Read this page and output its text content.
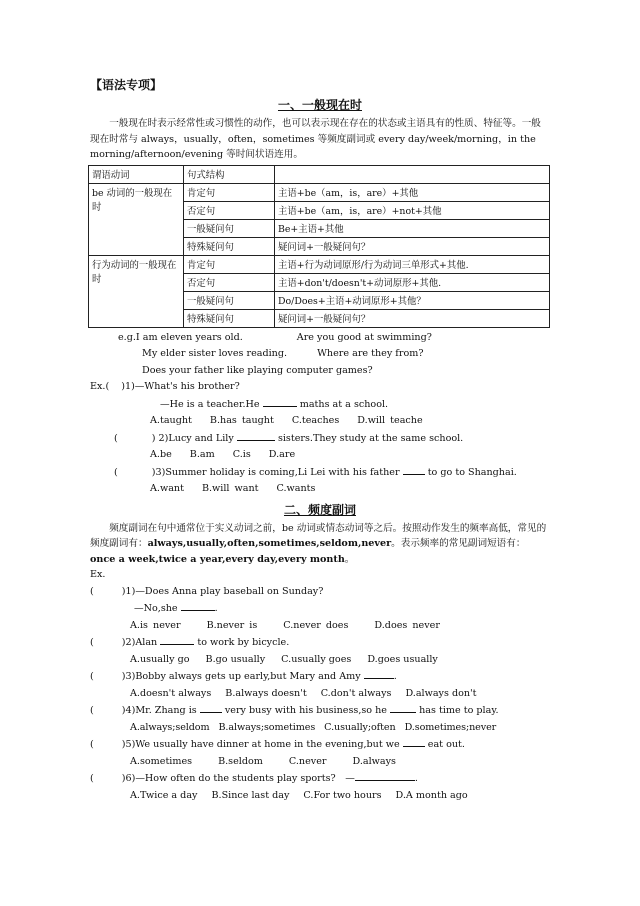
【语法专项】
一、一般现在时

一般现在时表示经常性或习惯性的动作，也可以表示现在存在的状态或主语具有的性质、特征等。一般现在时常与 always，usually，often，sometimes 等频度副词或 every day/week/morning，in the morning/afternoon/evening 等时间状语连用。

谓语动词	句式结构	
be 动词的一般现在时	肯定句	主语+be（am，is，are）+其他
	否定句	主语+be（am，is，are）+not+其他
	一般疑问句	Be+主语+其他
	特殊疑问句	疑问词+一般疑问句？
行为动词的一般现在时	肯定句	主语+行为动词原形/行为动词三单形式+其他.
	否定句	主语+don't/doesn't+动词原形+其他.
	一般疑问句	Do/Does+主语+动词原形+其他？
	特殊疑问句	疑问词+一般疑问句？
e.g.I am eleven years old.	Are you good at swimming?
My elder sister loves reading.	Where are they from?
Does your father like playing computer games?
Ex.( )1)—What's his brother?
—He is a teacher.He	maths at a school.
A.taught B.has taught C.teaches D.will teache
(	) 2)Lucy and Lily	sisters.They study at the same school.
A.be B.am C.is D.are
(	)3)Summer holiday is coming,Li Lei with his father	to go to Shanghai.
A.want B.will want C.wants
二、频度副词

频度副词在句中通常位于实义动词之前，be 动词或情态动词等之后。按照动作发生的频率高低，常见的频度副词有：always,usually,often,sometimes,seldom,never。表示频率的常见副词短语有：once a week,twice a year,every day,every month。

Ex.
(	)1)—Does Anna play baseball on Sunday?
—No,she	.
A.is never	B.never is	C.never does	D.does never
(	)2)Alan	to work by bicycle.
A.usually go B.go usually C.usually goes D.goes usually
(	)3)Bobby always gets up early,but Mary and Amy	.
A.doesn't always B.always doesn't C.don't always D.always don't
(	)4)Mr. Zhang is	very busy with his business,so he	has time to play.
A.always;seldom B.always;sometimes C.usually;often D.sometimes;never
(	)5)We usually have dinner at home in the evening,but we	eat out.
A.sometimes	B.seldom	C.never	D.always
(	)6)—How often do the students play sports?　—	.
A.Twice a day B.Since last day C.For two hours D.A month ago
